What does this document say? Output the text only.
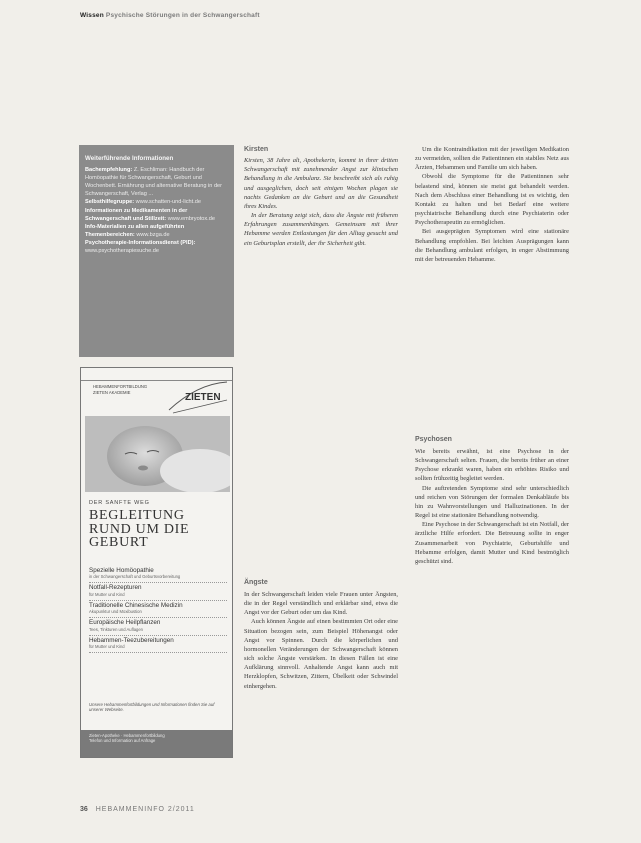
Wissen Psychische Störungen in der Schwangerschaft
Weiterführende Informationen
Bachempfehlung: Z. Eschliman: Handbuch der Homöopathie für Schwangerschaft, Geburt und Wochenbett. Ernährung und alternative Beratung in der Schwangerschaft, Verlag ...
Selbsthilfegruppe: www.schatten-und-licht.de
Informationen zu Medikamenten in der Schwangerschaft und Stillzeit: www.embryotox.de
Info-Materialien zu allen aufgeführten Themenbereichen: www.bzga.de
Psychotherapie-Informationsdienst (PID): www.psychotherapiesuche.de
HEBAMMENFORTBILDUNG
ZIETEN AKADEMIE	ZIETEN
DER SANFTE WEG
BEGLEITUNG
RUND UM DIE
GEBURT
Spezielle Homöopathie
in der Schwangerschaft und Geburtsvorbereitung
Notfall-Rezepturen
für Mutter und Kind
Traditionelle Chinesische Medizin
Akupunktur und Moxibustion
Europäische Heilpflanzen
Tees, Tinkturen und Auflagen
Hebammen-Teezubereitungen
für Mutter und Kind
Unsere Hebammenfortbildungen und Informationen finden Sie auf unserer Webseite.
Zieten-Apotheke · Hebammenfortbildung
Telefon und Information auf Anfrage
Kirsten

Kirsten, 38 Jahre alt, Apothekerin, kommt in ihrer dritten Schwangerschaft mit zunehmender Angst zur klinischen Behandlung in die Ambulanz. Sie beschreibt sich als ruhig und ausgeglichen, doch seit einigen Wochen plagen sie nachts Gedanken an die Geburt und an die Gesundheit ihres Kindes.

In der Beratung zeigt sich, dass die Ängste mit früheren Erfahrungen zusammenhängen. Gemeinsam mit ihrer Hebamme werden Entlastungen für den Alltag gesucht und ein Geburtsplan erstellt, der ihr Sicherheit gibt.

Ängste

In der Schwangerschaft leiden viele Frauen unter Ängsten, die in der Regel verständlich und erklärbar sind, etwa die Angst vor der Geburt oder um das Kind.

Auch können Ängste auf einen bestimmten Ort oder eine Situation bezogen sein, zum Beispiel Höhenangst oder Angst vor Spinnen. Durch die körperlichen und hormonellen Veränderungen der Schwangerschaft können sich solche Ängste verstärken. In diesen Fällen ist eine Aufklärung sinnvoll. Anhaltende Angst kann auch mit Herzklopfen, Schwitzen, Zittern, Übelkeit oder Schwindel einhergehen.

Um die Kontraindikation mit der jeweiligen Medikation zu vermeiden, sollten die Patientinnen ein stabiles Netz aus Ärzten, Hebammen und Familie um sich haben.

Obwohl die Symptome für die Patientinnen sehr belastend sind, können sie meist gut behandelt werden. Nach dem Abschluss einer Behandlung ist es wichtig, den Kontakt zu halten und bei Bedarf eine weitere psychiatrische Behandlung durch eine Psychiaterin oder Psychotherapeutin zu ermöglichen.

Bei ausgeprägten Symptomen wird eine stationäre Behandlung empfohlen. Bei leichten Ausprägungen kann die Behandlung ambulant erfolgen, in enger Abstimmung mit der betreuenden Hebamme.

Psychosen

Wie bereits erwähnt, ist eine Psychose in der Schwangerschaft selten. Frauen, die bereits früher an einer Psychose erkrankt waren, haben ein erhöhtes Risiko und sollten frühzeitig begleitet werden.

Die auftretenden Symptome sind sehr unterschiedlich und reichen von Störungen der formalen Denkabläufe bis hin zu Wahnvorstellungen und Halluzinationen. In der Regel ist eine stationäre Behandlung notwendig.

Eine Psychose in der Schwangerschaft ist ein Notfall, der ärztliche Hilfe erfordert. Die Betreuung sollte in enger Zusammenarbeit von Psychiatrie, Geburtshilfe und Hebamme erfolgen, damit Mutter und Kind bestmöglich geschützt sind.

36 HEBAMMENINFO 2/2011
